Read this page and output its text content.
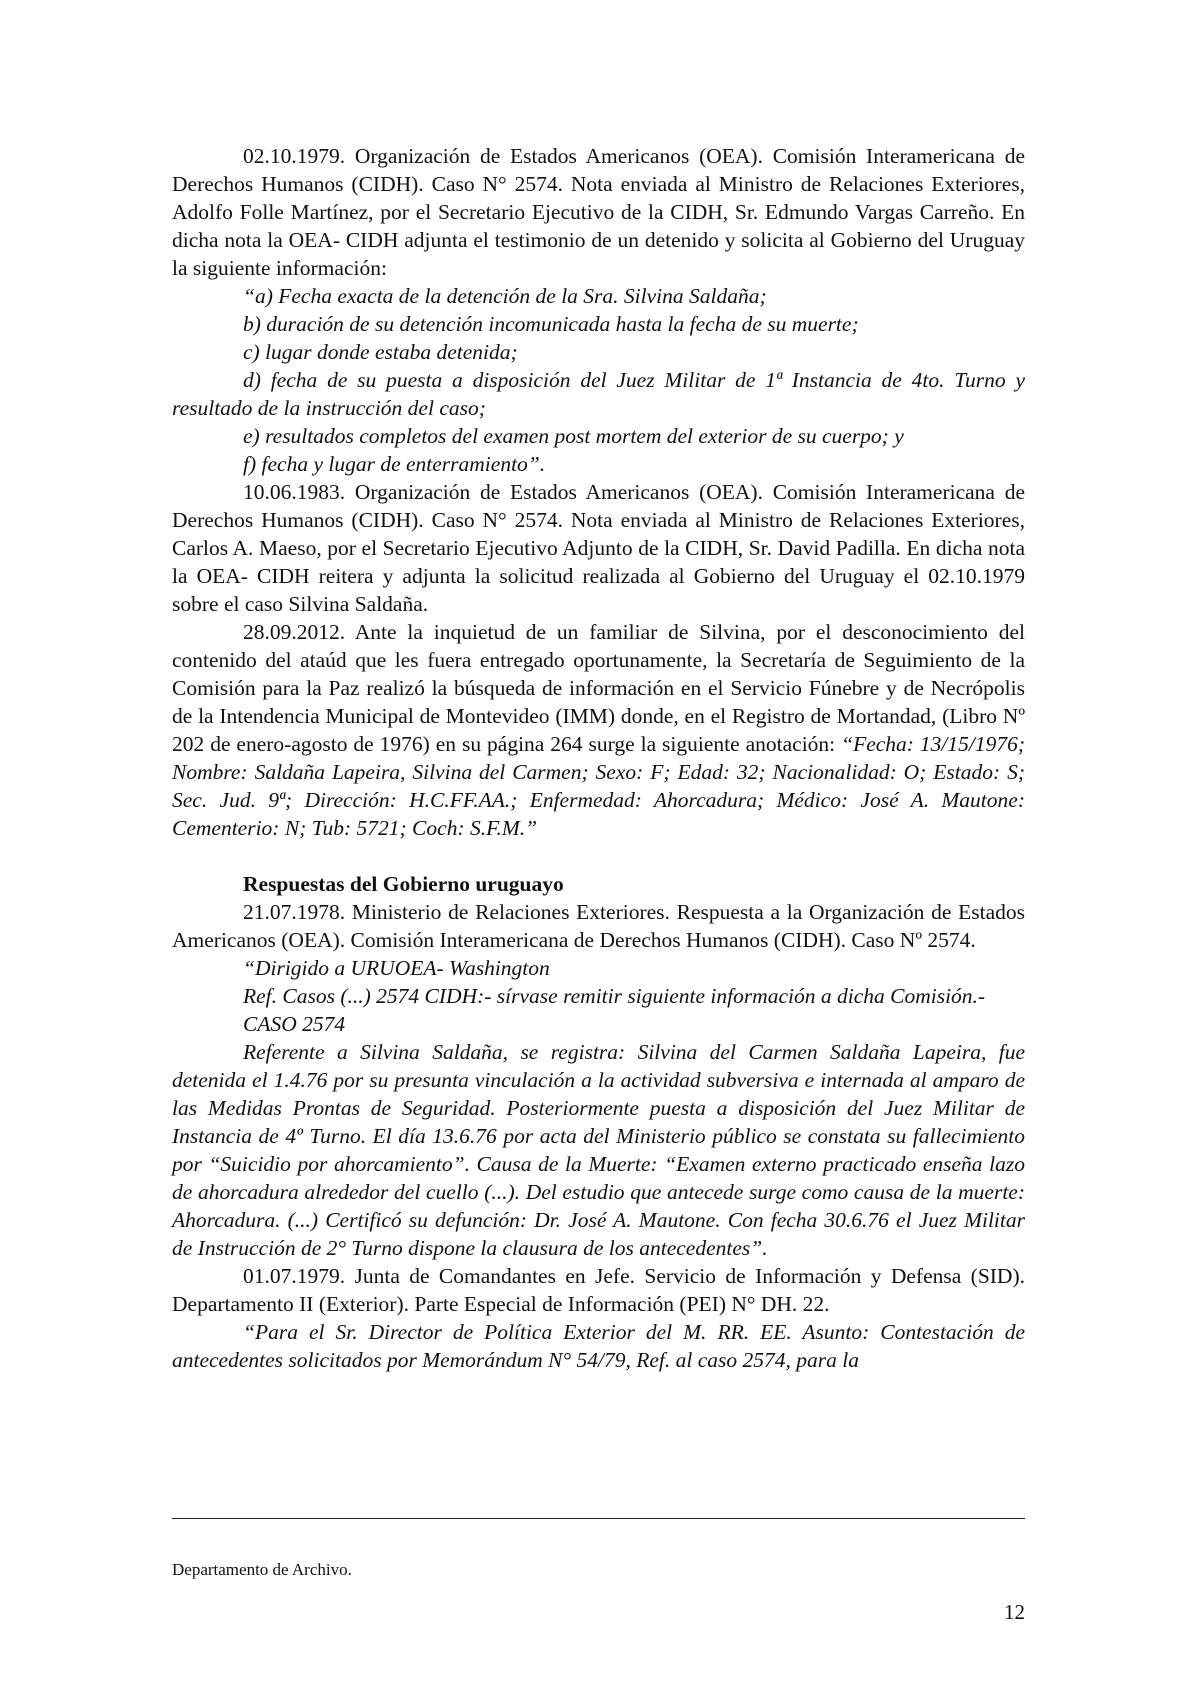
02.10.1979. Organización de Estados Americanos (OEA). Comisión Interamericana de Derechos Humanos (CIDH). Caso N° 2574. Nota enviada al Ministro de Relaciones Exteriores, Adolfo Folle Martínez, por el Secretario Ejecutivo de la CIDH, Sr. Edmundo Vargas Carreño. En dicha nota la OEA- CIDH adjunta el testimonio de un detenido y solicita al Gobierno del Uruguay la siguiente información:

“a) Fecha exacta de la detención de la Sra. Silvina Saldaña;

b) duración de su detención incomunicada hasta la fecha de su muerte;

c) lugar donde estaba detenida;

d) fecha de su puesta a disposición del Juez Militar de 1ª Instancia de 4to. Turno y resultado de la instrucción del caso;

e) resultados completos del examen post mortem del exterior de su cuerpo; y

f) fecha y lugar de enterramiento”.

10.06.1983. Organización de Estados Americanos (OEA). Comisión Interamericana de Derechos Humanos (CIDH). Caso N° 2574. Nota enviada al Ministro de Relaciones Exteriores, Carlos A. Maeso, por el Secretario Ejecutivo Adjunto de la CIDH, Sr. David Padilla. En dicha nota la OEA- CIDH reitera y adjunta la solicitud realizada al Gobierno del Uruguay el 02.10.1979 sobre el caso Silvina Saldaña.

28.09.2012. Ante la inquietud de un familiar de Silvina, por el desconocimiento del contenido del ataúd que les fuera entregado oportunamente, la Secretaría de Seguimiento de la Comisión para la Paz realizó la búsqueda de información en el Servicio Fúnebre y de Necrópolis de la Intendencia Municipal de Montevideo (IMM) donde, en el Registro de Mortandad, (Libro Nº 202 de enero-agosto de 1976) en su página 264 surge la siguiente anotación: “Fecha: 13/15/1976; Nombre: Saldaña Lapeira, Silvina del Carmen; Sexo: F; Edad: 32; Nacionalidad: O; Estado: S; Sec. Jud. 9ª; Dirección: H.C.FF.AA.; Enfermedad: Ahorcadura; Médico: José A. Mautone: Cementerio: N; Tub: 5721; Coch: S.F.M.”

Respuestas del Gobierno uruguayo

21.07.1978. Ministerio de Relaciones Exteriores. Respuesta a la Organización de Estados Americanos (OEA). Comisión Interamericana de Derechos Humanos (CIDH). Caso Nº 2574.

“Dirigido a URUOEA- Washington

Ref. Casos (...) 2574 CIDH:- sírvase remitir siguiente información a dicha Comisión.-

CASO 2574

Referente a Silvina Saldaña, se registra: Silvina del Carmen Saldaña Lapeira, fue detenida el 1.4.76 por su presunta vinculación a la actividad subversiva e internada al amparo de las Medidas Prontas de Seguridad. Posteriormente puesta a disposición del Juez Militar de Instancia de 4º Turno. El día 13.6.76 por acta del Ministerio público se constata su fallecimiento por “Suicidio por ahorcamiento”. Causa de la Muerte: “Examen externo practicado enseña lazo de ahorcadura alrededor del cuello (...). Del estudio que antecede surge como causa de la muerte: Ahorcadura. (...) Certificó su defunción: Dr. José A. Mautone. Con fecha 30.6.76 el Juez Militar de Instrucción de 2° Turno dispone la clausura de los antecedentes”.

01.07.1979. Junta de Comandantes en Jefe. Servicio de Información y Defensa (SID). Departamento II (Exterior). Parte Especial de Información (PEI) N° DH. 22.

“Para el Sr. Director de Política Exterior del M. RR. EE. Asunto: Contestación de antecedentes solicitados por Memorándum N° 54/79, Ref. al caso 2574, para la

Departamento de Archivo.
12
